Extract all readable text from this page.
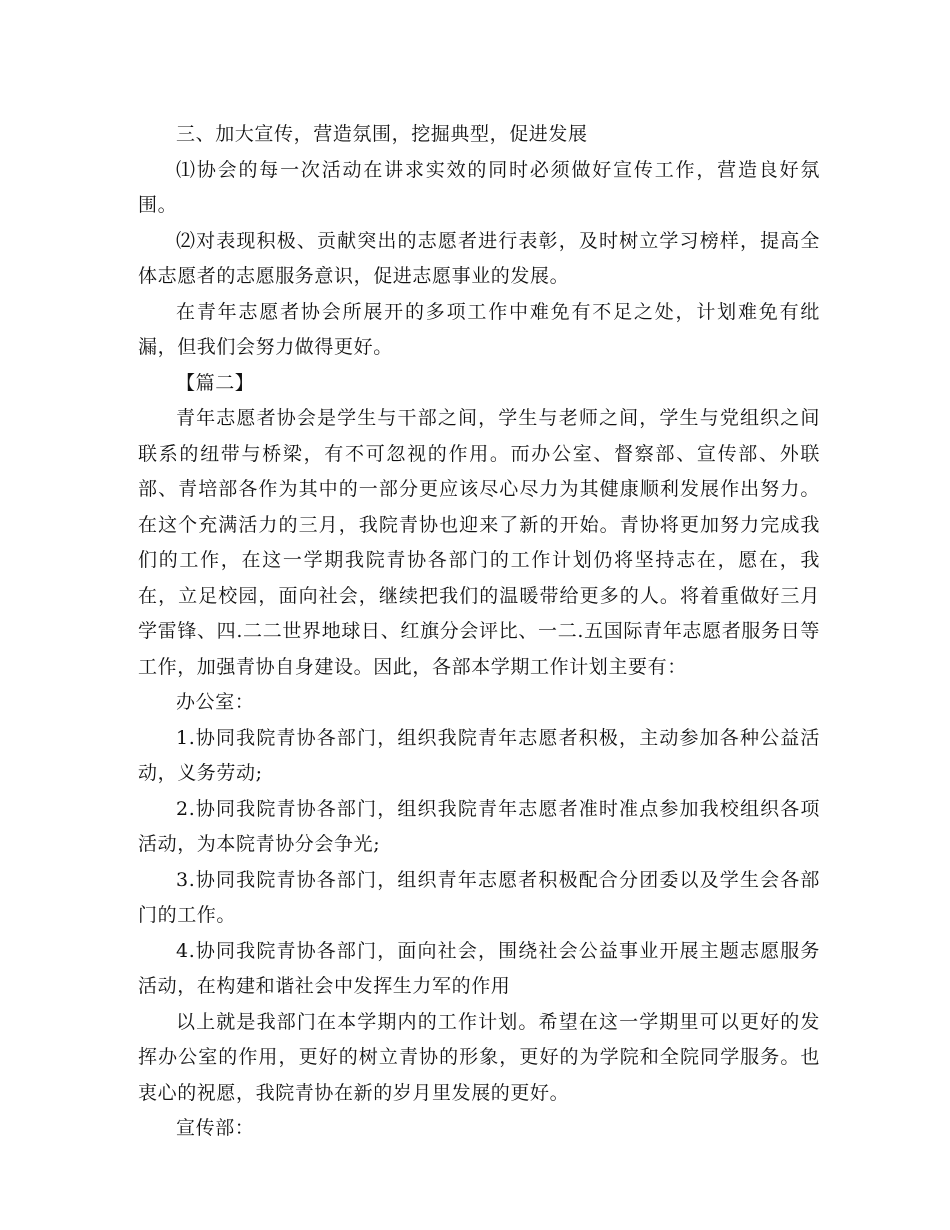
三、加大宣传，营造氛围，挖掘典型，促进发展

⑴协会的每一次活动在讲求实效的同时必须做好宣传工作，营造良好氛围。

⑵对表现积极、贡献突出的志愿者进行表彰，及时树立学习榜样，提高全体志愿者的志愿服务意识，促进志愿事业的发展。

在青年志愿者协会所展开的多项工作中难免有不足之处，计划难免有纰漏，但我们会努力做得更好。

【篇二】

青年志愿者协会是学生与干部之间，学生与老师之间，学生与党组织之间联系的纽带与桥梁，有不可忽视的作用。而办公室、督察部、宣传部、外联部、青培部各作为其中的一部分更应该尽心尽力为其健康顺利发展作出努力。在这个充满活力的三月，我院青协也迎来了新的开始。青协将更加努力完成我们的工作，在这一学期我院青协各部门的工作计划仍将坚持志在，愿在，我在，立足校园，面向社会，继续把我们的温暖带给更多的人。将着重做好三月学雷锋、四.二二世界地球日、红旗分会评比、一二.五国际青年志愿者服务日等工作，加强青协自身建设。因此，各部本学期工作计划主要有：

办公室：

1.协同我院青协各部门，组织我院青年志愿者积极，主动参加各种公益活动，义务劳动;

2.协同我院青协各部门，组织我院青年志愿者准时准点参加我校组织各项活动，为本院青协分会争光;

3.协同我院青协各部门，组织青年志愿者积极配合分团委以及学生会各部门的工作。

4.协同我院青协各部门，面向社会，围绕社会公益事业开展主题志愿服务活动，在构建和谐社会中发挥生力军的作用

以上就是我部门在本学期内的工作计划。希望在这一学期里可以更好的发挥办公室的作用，更好的树立青协的形象，更好的为学院和全院同学服务。也衷心的祝愿，我院青协在新的岁月里发展的更好。

宣传部：
